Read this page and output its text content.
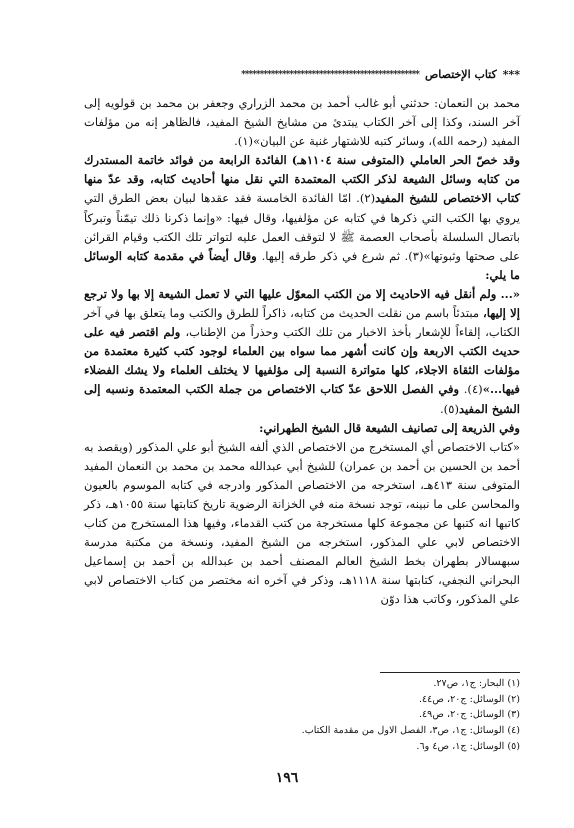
***كتاب الإختصاص************************************************

محمد بن النعمان: حدثني أبو غالب أحمد بن محمد الزراري وجعفر بن محمد بن قولويه إلى آخر السند، وكذا إلى آخر الكتاب يبتدئ من مشايخ الشيخ المفيد، فالظاهر إنه من مؤلفات المفيد (رحمه الله)، وسائر كتبه للاشتهار غنية عن البيان»(١).

وقد خصّ الحر العاملي (المتوفى سنة ١١٠٤هـ) الفائدة الرابعة من فوائد خاتمة المستدرك من كتابه وسائل الشيعة لذكر الكتب المعتمدة التي نقل منها أحاديث كتابه، وقد عدّ منها كتاب الاختصاص للشيخ المفيد(٢). امّا الفائدة الخامسة فقد عقدها لبيان بعض الطرق التي يروي بها الكتب التي ذكرها في كتابه عن مؤلفيها، وقال فيها: «وإنما ذكرنا ذلك تيمّناً وتبركاً باتصال السلسلة بأصحاب العصمة ﷺ لا لتوقف العمل عليه لتواتر تلك الكتب وقيام القرائن على صحتها وثبوتها»(٣). ثم شرع في ذكر طرقه إليها. وقال أيضاً في مقدمة كتابه الوسائل ما يلي:

«... ولم أنقل فيه الاحاديث إلا من الكتب المعوّل عليها التي لا تعمل الشيعة إلا بها ولا ترجع إلا إليها، مبتدئاً باسم من نقلت الحديث من كتابه، ذاكراً للطرق والكتب وما يتعلق بها في آخر الكتاب، إلقاءاً للإشعار بأخذ الاخبار من تلك الكتب وحذراً من الإطناب، ولم اقتصر فيه على حديث الكتب الاربعة وإن كانت أشهر مما سواه بين العلماء لوجود كتب كثيرة معتمدة من مؤلفات الثقاة الاجلاء، كلها متواترة النسبة إلى مؤلفيها لا يختلف العلماء ولا يشك الفضلاء فيها...»(٤). وفي الفصل اللاحق عدّ كتاب الاختصاص من جملة الكتب المعتمدة ونسبه إلى الشيخ المفيد(٥).

وفي الذريعة إلى تصانيف الشيعة قال الشيخ الطهراني:

«كتاب الاختصاص أي المستخرج من الاختصاص الذي ألفه الشيخ أبو علي المذكور (ويقصد به أحمد بن الحسين بن أحمد بن عمران) للشيخ أبي عبدالله محمد بن محمد بن النعمان المفيد المتوفى سنة ٤١٣هـ، استخرجه من الاختصاص المذكور وادرجه في كتابه الموسوم بالعيون والمحاسن على ما نبينه، توجد نسخة منه في الخزانة الرضوية تاريخ كتابتها سنة ١٠٥٥هـ، ذكر كاتبها انه كتبها عن مجموعة كلها مستخرجة من كتب القدماء، وفيها هذا المستخرج من كتاب الاختصاص لابي علي المذكور، استخرجه من الشيخ المفيد، ونسخة من مكتبة مدرسة سبهسالار بطهران بخط الشيخ العالم المصنف أحمد بن عبدالله بن أحمد بن إسماعيل البحراني النجفي، كتابتها سنة ١١١٨هـ، وذكر في آخره انه مختصر من كتاب الاختصاص لابي علي المذكور، وكاتب هذا دوّن

(١) البحار: ج١، ص٢٧.
(٢) الوسائل: ج٢٠، ص٤٤.
(٣) الوسائل: ج٢٠، ص٤٩.
(٤) الوسائل: ج١، ص٣، الفصل الاول من مقدمة الكتاب.
(٥) الوسائل: ج١، ص٤ و٦.
١٩٦
